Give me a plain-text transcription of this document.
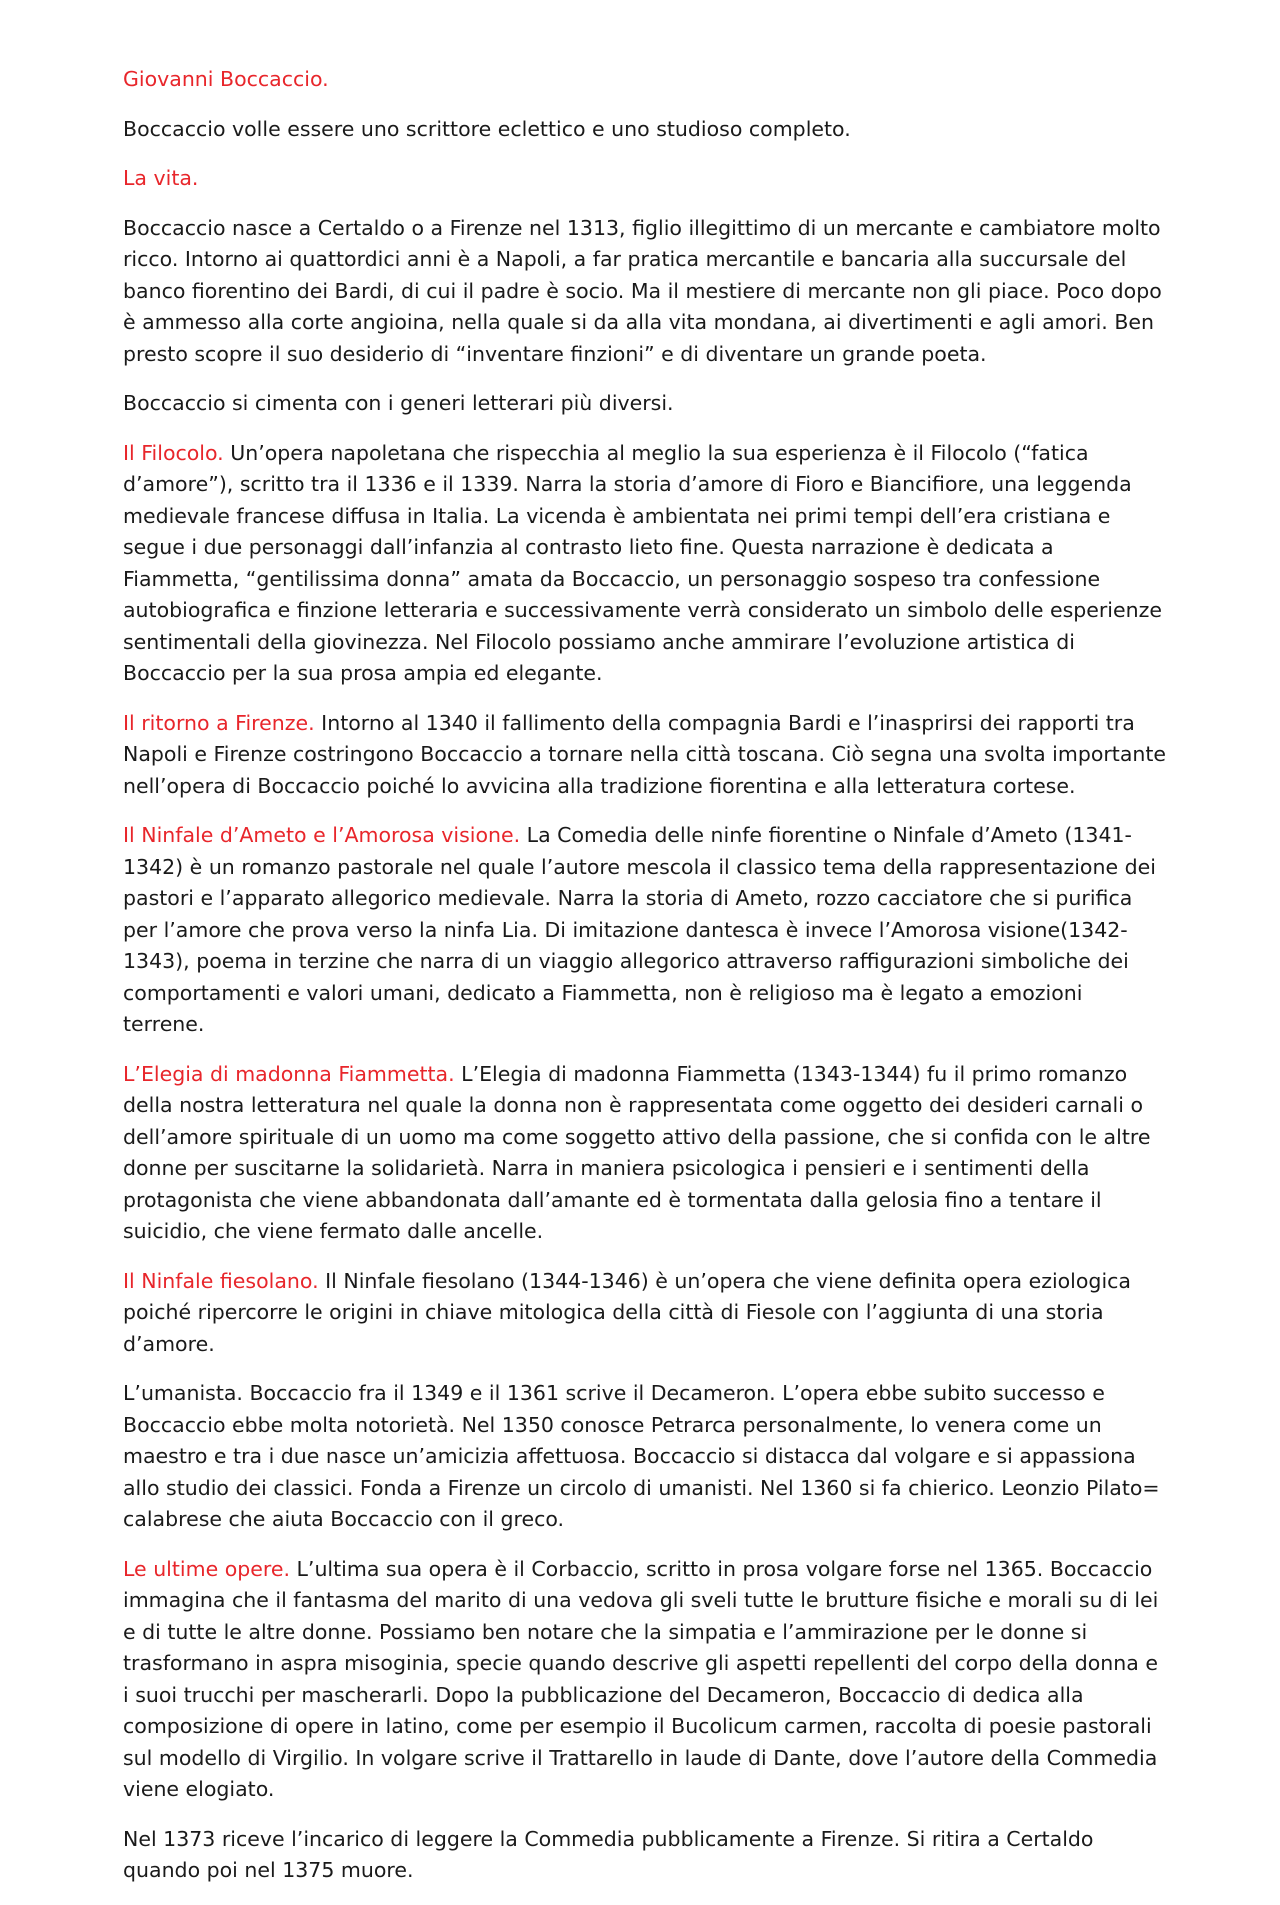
Giovanni Boccaccio.

Boccaccio volle essere uno scrittore eclettico e uno studioso completo.

La vita.

Boccaccio nasce a Certaldo o a Firenze nel 1313, figlio illegittimo di un mercante e cambiatore molto ricco. Intorno ai quattordici anni è a Napoli, a far pratica mercantile e bancaria alla succursale del banco fiorentino dei Bardi, di cui il padre è socio. Ma il mestiere di mercante non gli piace. Poco dopo è ammesso alla corte angioina, nella quale si da alla vita mondana, ai divertimenti e agli amori. Ben presto scopre il suo desiderio di “inventare finzioni” e di diventare un grande poeta.

Boccaccio si cimenta con i generi letterari più diversi.

Il Filocolo. Un’opera napoletana che rispecchia al meglio la sua esperienza è il Filocolo (“fatica d’amore”), scritto tra il 1336 e il 1339. Narra la storia d’amore di Fioro e Biancifiore, una leggenda medievale francese diffusa in Italia. La vicenda è ambientata nei primi tempi dell’era cristiana e segue i due personaggi dall’infanzia al contrasto lieto fine. Questa narrazione è dedicata a Fiammetta, “gentilissima donna” amata da Boccaccio, un personaggio sospeso tra confessione autobiografica e finzione letteraria e successivamente verrà considerato un simbolo delle esperienze sentimentali della giovinezza. Nel Filocolo possiamo anche ammirare l’evoluzione artistica di Boccaccio per la sua prosa ampia ed elegante.

Il ritorno a Firenze. Intorno al 1340 il fallimento della compagnia Bardi e l’inasprirsi dei rapporti tra Napoli e Firenze costringono Boccaccio a tornare nella città toscana. Ciò segna una svolta importante nell’opera di Boccaccio poiché lo avvicina alla tradizione fiorentina e alla letteratura cortese.

Il Ninfale d’Ameto e l’Amorosa visione. La Comedia delle ninfe fiorentine o Ninfale d’Ameto (1341-1342) è un romanzo pastorale nel quale l’autore mescola il classico tema della rappresentazione dei pastori e l’apparato allegorico medievale. Narra la storia di Ameto, rozzo cacciatore che si purifica per l’amore che prova verso la ninfa Lia. Di imitazione dantesca è invece l’Amorosa visione(1342-1343), poema in terzine che narra di un viaggio allegorico attraverso raffigurazioni simboliche dei comportamenti e valori umani, dedicato a Fiammetta, non è religioso ma è legato a emozioni terrene.

L’Elegia di madonna Fiammetta. L’Elegia di madonna Fiammetta (1343-1344) fu il primo romanzo della nostra letteratura nel quale la donna non è rappresentata come oggetto dei desideri carnali o dell’amore spirituale di un uomo ma come soggetto attivo della passione, che si confida con le altre donne per suscitarne la solidarietà. Narra in maniera psicologica i pensieri e i sentimenti della protagonista che viene abbandonata dall’amante ed è tormentata dalla gelosia fino a tentare il suicidio, che viene fermato dalle ancelle.

Il Ninfale fiesolano. Il Ninfale fiesolano (1344-1346) è un’opera che viene definita opera eziologica poiché ripercorre le origini in chiave mitologica della città di Fiesole con l’aggiunta di una storia d’amore.

L’umanista. Boccaccio fra il 1349 e il 1361 scrive il Decameron. L’opera ebbe subito successo e Boccaccio ebbe molta notorietà. Nel 1350 conosce Petrarca personalmente, lo venera come un maestro e tra i due nasce un’amicizia affettuosa. Boccaccio si distacca dal volgare e si appassiona allo studio dei classici. Fonda a Firenze un circolo di umanisti. Nel 1360 si fa chierico. Leonzio Pilato= calabrese che aiuta Boccaccio con il greco.

Le ultime opere. L’ultima sua opera è il Corbaccio, scritto in prosa volgare forse nel 1365. Boccaccio immagina che il fantasma del marito di una vedova gli sveli tutte le brutture fisiche e morali su di lei e di tutte le altre donne. Possiamo ben notare che la simpatia e l’ammirazione per le donne si trasformano in aspra misoginia, specie quando descrive gli aspetti repellenti del corpo della donna e i suoi trucchi per mascherarli. Dopo la pubblicazione del Decameron, Boccaccio di dedica alla composizione di opere in latino, come per esempio il Bucolicum carmen, raccolta di poesie pastorali sul modello di Virgilio. In volgare scrive il Trattarello in laude di Dante, dove l’autore della Commedia viene elogiato.

Nel 1373 riceve l’incarico di leggere la Commedia pubblicamente a Firenze. Si ritira a Certaldo quando poi nel 1375 muore.
